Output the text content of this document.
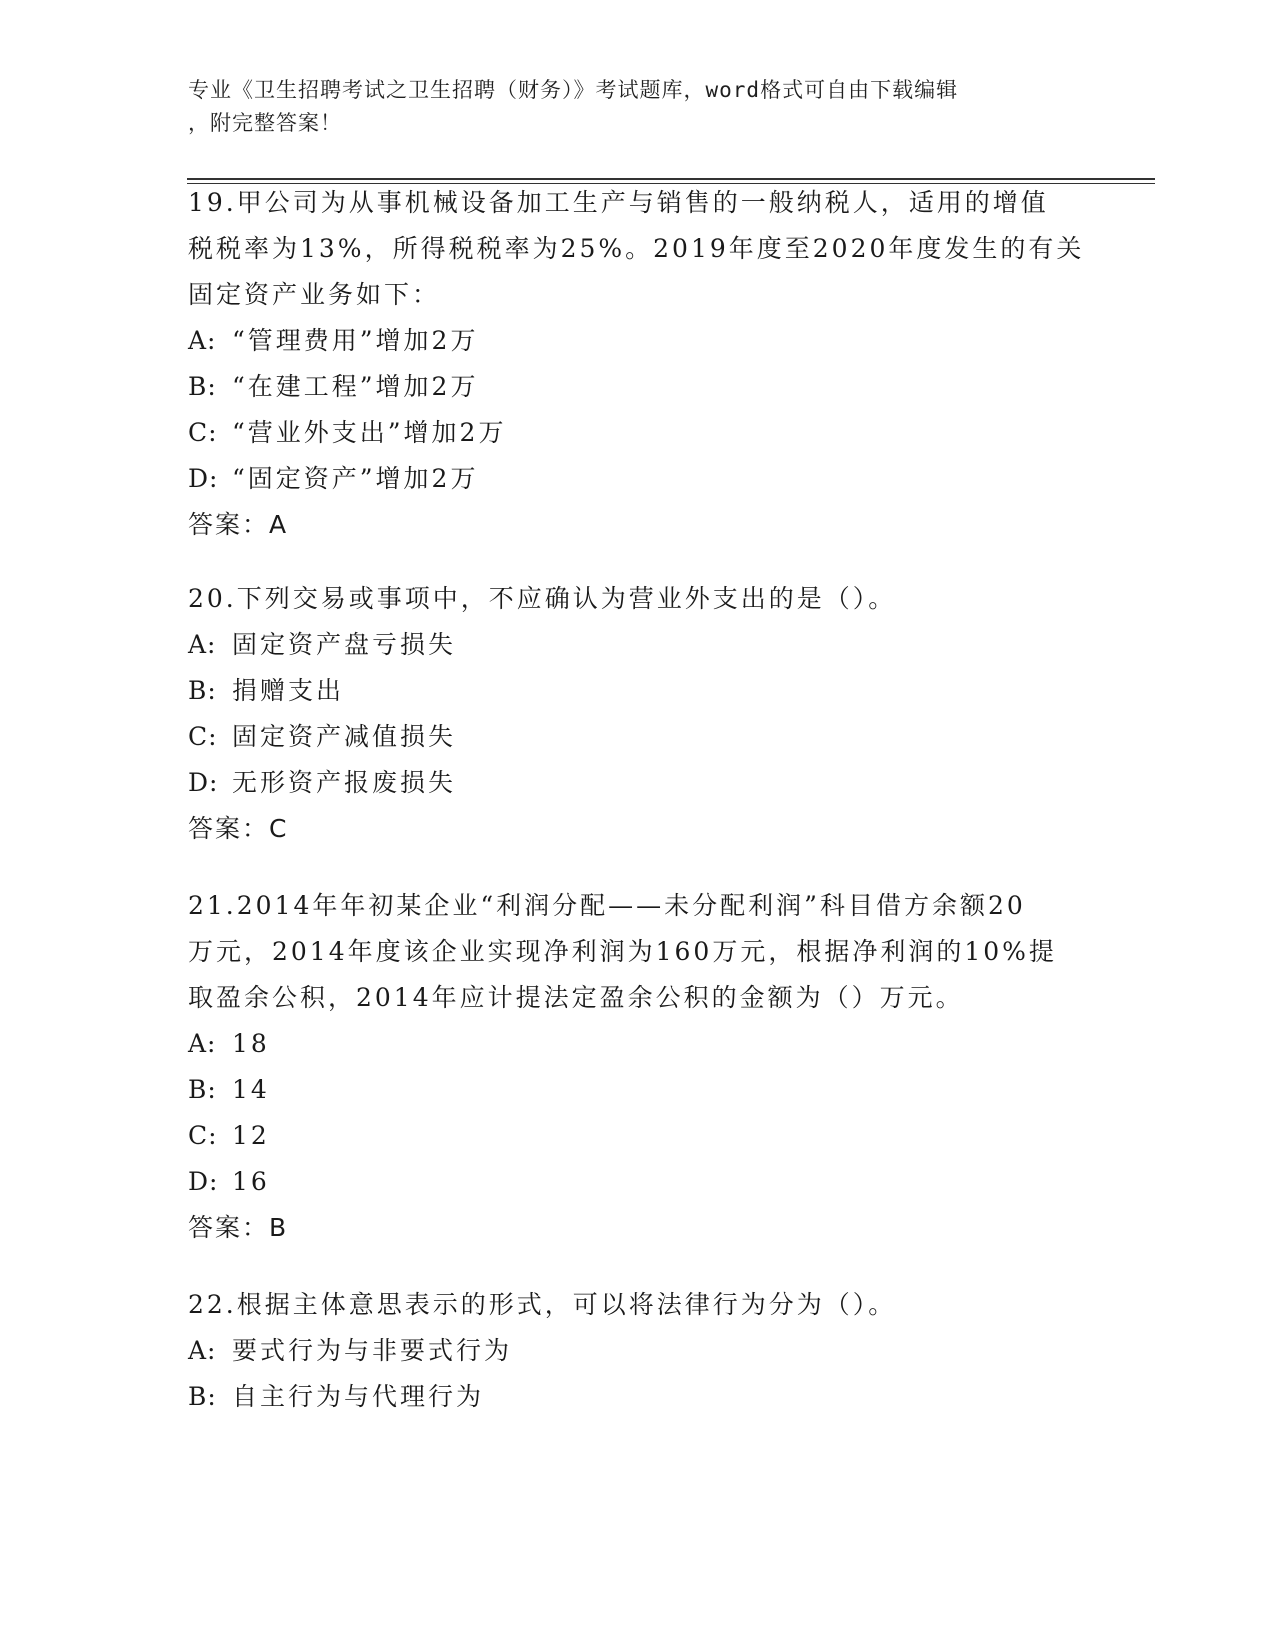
专业《卫生招聘考试之卫生招聘（财务）》考试题库，word格式可自由下载编辑
，附完整答案！
19.甲公司为从事机械设备加工生产与销售的一般纳税人，适用的增值
税税率为13%，所得税税率为25%。2019年度至2020年度发生的有关
固定资产业务如下：
A: “管理费用”增加2万
B: “在建工程”增加2万
C: “营业外支出”增加2万
D: “固定资产”增加2万
答案：A
20.下列交易或事项中，不应确认为营业外支出的是（）。
A: 固定资产盘亏损失
B: 捐赠支出
C: 固定资产减值损失
D: 无形资产报废损失
答案：C
21.2014年年初某企业“利润分配——未分配利润”科目借方余额20
万元，2014年度该企业实现净利润为160万元，根据净利润的10%提
取盈余公积，2014年应计提法定盈余公积的金额为（）万元。
A: 18
B: 14
C: 12
D: 16
答案：B
22.根据主体意思表示的形式，可以将法律行为分为（）。
A: 要式行为与非要式行为
B: 自主行为与代理行为
